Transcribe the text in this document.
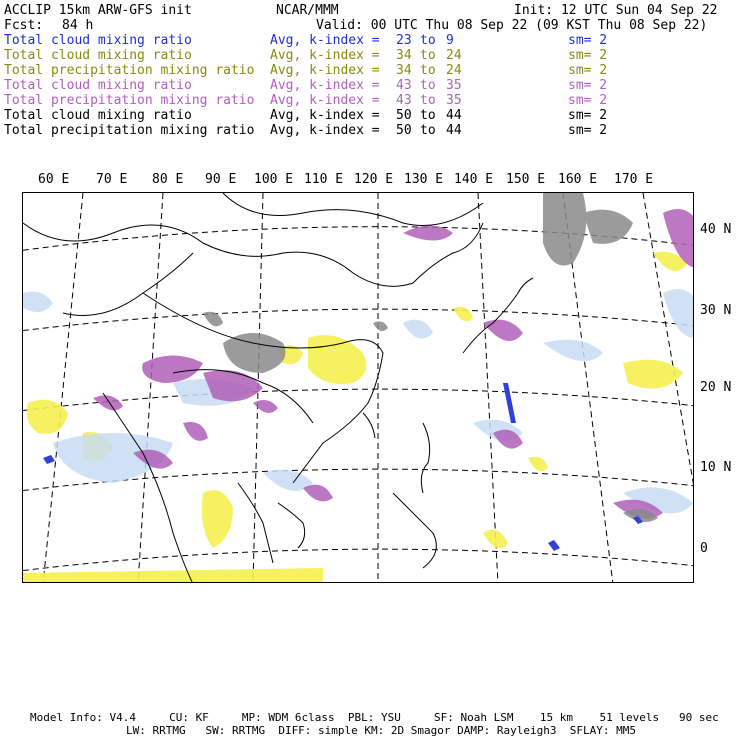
ACCLIP 15km ARW-GFS init	NCAR/MMM	Init: 12 UTC Sun 04 Sep 22
Fcst: 84 h	Valid: 00 UTC Thu 08 Sep 22 (09 KST Thu 08 Sep 22)
Total cloud mixing ratio	Avg, k-index = 23 to 9	sm= 2
Total cloud mixing ratio	Avg, k-index = 34 to 24	sm= 2
Total precipitation mixing ratio Avg, k-index = 34 to 24	sm= 2
Total cloud mixing ratio	Avg, k-index = 43 to 35	sm= 2
Total precipitation mixing ratio Avg, k-index = 43 to 35	sm= 2
Total cloud mixing ratio	Avg, k-index = 50 to 44	sm= 2
Total precipitation mixing ratio Avg, k-index = 50 to 44	sm= 2
60 E 70 E 80 E 90 E 100 E 110 E 120 E 130 E 140 E 150 E 160 E 170 E
40 N
30 N
20 N
10 N
0
Model Info: V4.4     CU: KF     MP: WDM 6class  PBL: YSU     SF: Noah LSM    15 km    51 levels   90 sec
LW: RRTMG   SW: RRTMG  DIFF: simple KM: 2D Smagor DAMP: Rayleigh3  SFLAY: MM5
